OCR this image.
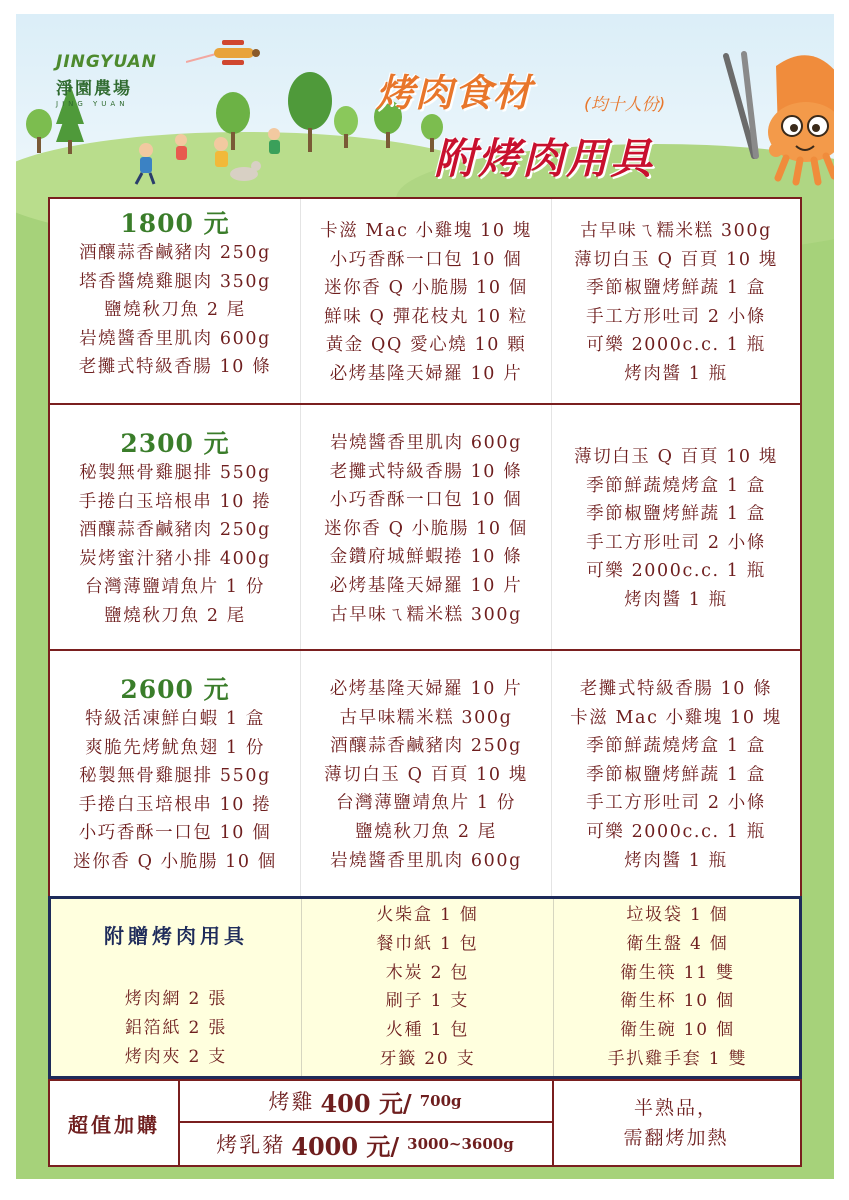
JINGYUAN
淨園農場
JING YUAN	烤肉食材	(均十人份)
附烤肉用具
1800 元
酒釀蒜香鹹豬肉 250g
塔香醬燒雞腿肉 350g
鹽燒秋刀魚 2 尾
岩燒醬香里肌肉 600g
老攤式特級香腸 10 條
卡滋 Mac 小雞塊 10 塊
小巧香酥一口包 10 個
迷你香 Q 小脆腸 10 個
鮮味 Q 彈花枝丸 10 粒
黃金 QQ 愛心燒 10 顆
必烤基隆天婦羅 10 片
古早味ㄟ糯米糕 300g
薄切白玉 Q 百頁 10 塊
季節椒鹽烤鮮蔬 1 盒
手工方形吐司 2 小條
可樂 2000c.c. 1 瓶
烤肉醬 1 瓶
2300 元
秘製無骨雞腿排 550g
手捲白玉培根串 10 捲
酒釀蒜香鹹豬肉 250g
炭烤蜜汁豬小排 400g
台灣薄鹽靖魚片 1 份
鹽燒秋刀魚 2 尾
岩燒醬香里肌肉 600g
老攤式特級香腸 10 條
小巧香酥一口包 10 個
迷你香 Q 小脆腸 10 個
金鑽府城鮮蝦捲 10 條
必烤基隆天婦羅 10 片
古早味ㄟ糯米糕 300g
薄切白玉 Q 百頁 10 塊
季節鮮蔬燒烤盒 1 盒
季節椒鹽烤鮮蔬 1 盒
手工方形吐司 2 小條
可樂 2000c.c. 1 瓶
烤肉醬 1 瓶
2600 元
特級活凍鮮白蝦 1 盒
爽脆先烤魷魚翅 1 份
秘製無骨雞腿排 550g
手捲白玉培根串 10 捲
小巧香酥一口包 10 個
迷你香 Q 小脆腸 10 個
必烤基隆天婦羅 10 片
古早味糯米糕 300g
酒釀蒜香鹹豬肉 250g
薄切白玉 Q 百頁 10 塊
台灣薄鹽靖魚片 1 份
鹽燒秋刀魚 2 尾
岩燒醬香里肌肉 600g
老攤式特級香腸 10 條
卡滋 Mac 小雞塊 10 塊
季節鮮蔬燒烤盒 1 盒
季節椒鹽烤鮮蔬 1 盒
手工方形吐司 2 小條
可樂 2000c.c. 1 瓶
烤肉醬 1 瓶
附贈烤肉用具
烤肉網 2 張
鋁箔紙 2 張
烤肉夾 2 支
火柴盒 1 個
餐巾紙 1 包
木炭 2 包
刷子 1 支
火種 1 包
牙籤 20 支
垃圾袋 1 個
衛生盤 4 個
衛生筷 11 雙
衛生杯 10 個
衛生碗 10 個
手扒雞手套 1 雙
超值加購
烤雞 400 元/ 700g
烤乳豬 4000 元/ 3000~3600g
半熟品，
需翻烤加熱
